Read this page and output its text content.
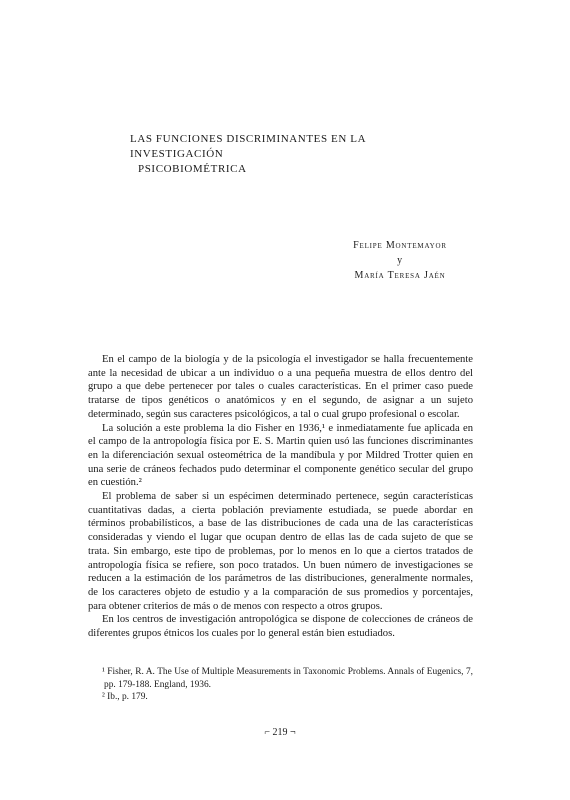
LAS FUNCIONES DISCRIMINANTES EN LA INVESTIGACIÓN
PSICOBIOMÉTRICA
Felipe Montemayor
y
María Teresa Jaén

En el campo de la biología y de la psicología el investigador se halla frecuentemente ante la necesidad de ubicar a un individuo o a una pequeña muestra de ellos dentro del grupo a que debe pertenecer por tales o cuales características. En el primer caso puede tratarse de tipos genéticos o anatómicos y en el segundo, de asignar a un sujeto determinado, según sus caracteres psicológicos, a tal o cual grupo profesional o escolar.

La solución a este problema la dio Fisher en 1936,¹ e inmediatamente fue aplicada en el campo de la antropología física por E. S. Martin quien usó las funciones discriminantes en la diferenciación sexual osteométrica de la mandíbula y por Mildred Trotter quien en una serie de cráneos fechados pudo determinar el componente genético secular del grupo en cuestión.²

El problema de saber si un espécimen determinado pertenece, según características cuantitativas dadas, a cierta población previamente estudiada, se puede abordar en términos probabilísticos, a base de las distribuciones de cada una de las características consideradas y viendo el lugar que ocupan dentro de ellas las de cada sujeto de que se trata. Sin embargo, este tipo de problemas, por lo menos en lo que a ciertos tratados de antropología física se refiere, son poco tratados. Un buen número de investigaciones se reducen a la estimación de los parámetros de las distribuciones, generalmente normales, de los caracteres objeto de estudio y a la comparación de sus promedios y porcentajes, para obtener criterios de más o de menos con respecto a otros grupos.

En los centros de investigación antropológica se dispone de colecciones de cráneos de diferentes grupos étnicos los cuales por lo general están bien estudiados.

¹ Fisher, R. A. The Use of Multiple Measurements in Taxonomic Problems. Annals of Eugenics, 7, pp. 179-188. England, 1936.

² Ib., p. 179.

⌐ 219 ¬
